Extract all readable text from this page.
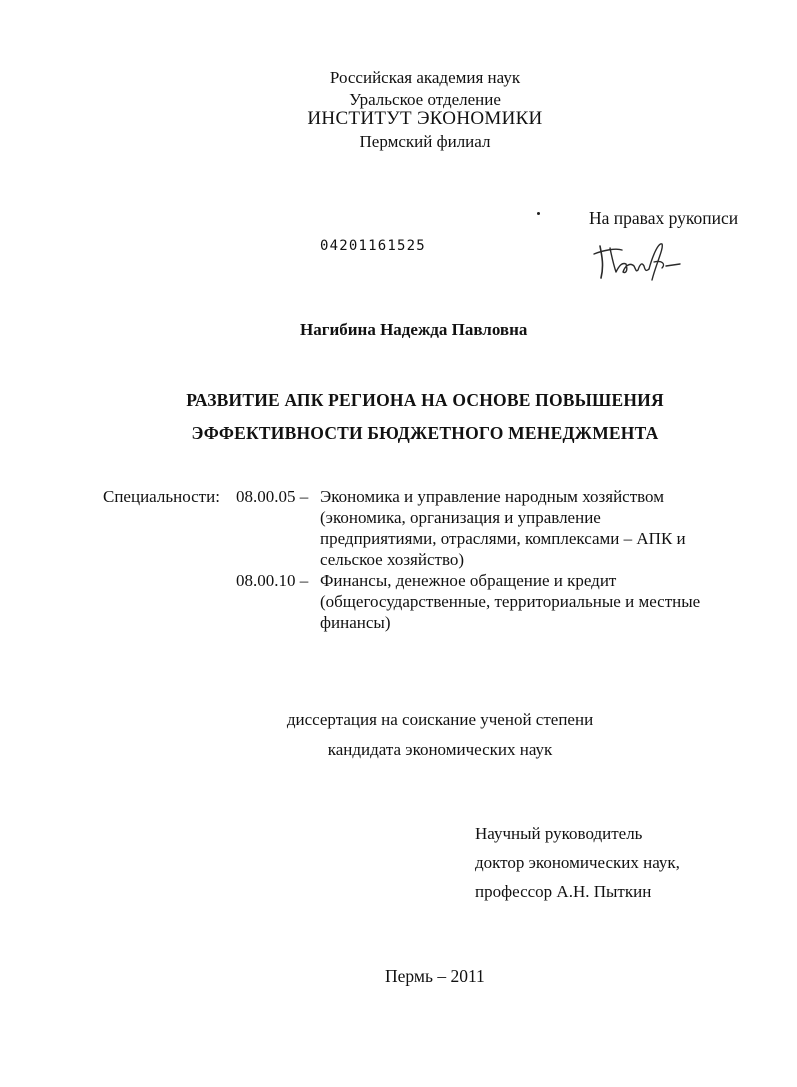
Российская академия наук
Уральское отделение
ИНСТИТУТ ЭКОНОМИКИ
Пермский филиал
На правах рукописи
04201161525
Нагибина Надежда Павловна
РАЗВИТИЕ АПК РЕГИОНА НА ОСНОВЕ ПОВЫШЕНИЯ
ЭФФЕКТИВНОСТИ БЮДЖЕТНОГО МЕНЕДЖМЕНТА
Специальности: 08.00.05 – Экономика и управление народным хозяйством
(экономика, организация и управление
предприятиями, отраслями, комплексами – АПК и
сельское хозяйство)
08.00.10 – Финансы, денежное обращение и кредит
(общегосударственные, территориальные и местные
финансы)
диссертация на соискание ученой степени
кандидата экономических наук
Научный руководитель
доктор экономических наук,
профессор А.Н. Пыткин
Пермь – 2011
